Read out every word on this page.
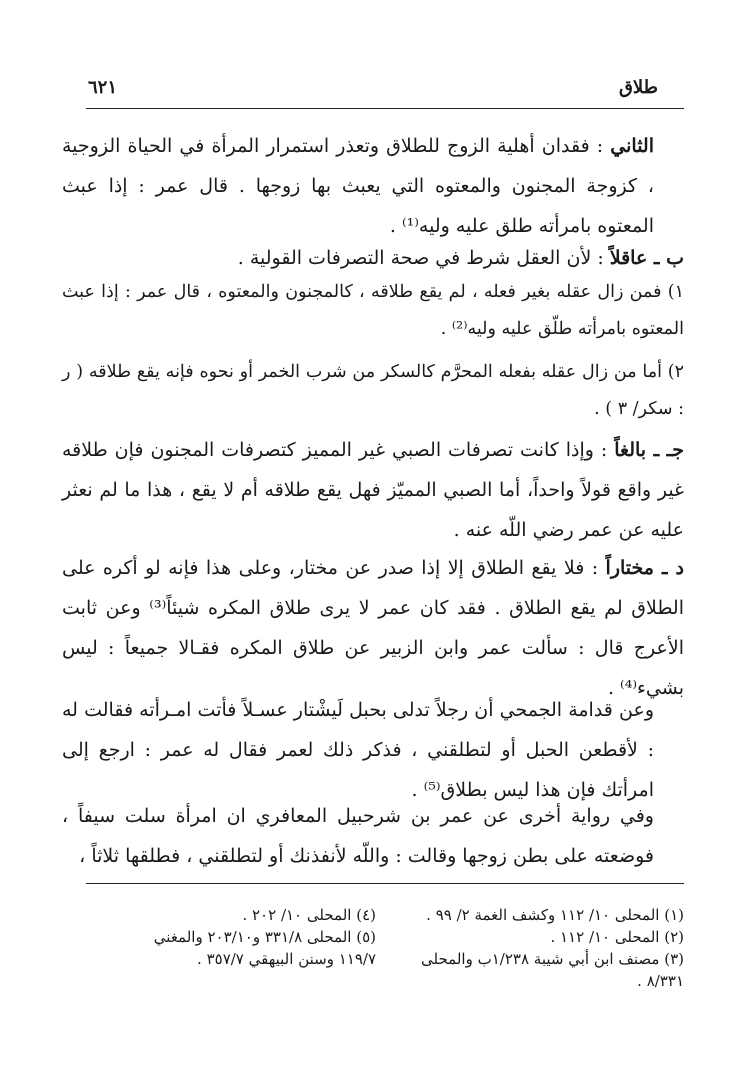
طلاق
٦٢١
الثاني : فقدان أهلية الزوج للطلاق وتعذر استمرار المرأة في الحياة الزوجية ، كزوجة المجنون والمعتوه التي يعبث بها زوجها . قال عمر : إذا عبث المعتوه بامرأته طلق عليه وليه⁽¹⁾ .
ب ـ عاقلاً : لأن العقل شرط في صحة التصرفات القولية .
١) فمن زال عقله بغير فعله ، لم يقع طلاقه ، كالمجنون والمعتوه ، قال عمر : إذا عبث المعتوه بامرأته طلّق عليه وليه⁽²⁾ .
٢) أما من زال عقله بفعله المحرَّم كالسكر من شرب الخمر أو نحوه فإنه يقع طلاقه ( ر : سكر/ ٣ ) .
جـ ـ بالغاً : وإذا كانت تصرفات الصبي غير المميز كتصرفات المجنون فإن طلاقه غير واقع قولاً واحداً، أما الصبي المميّز فهل يقع طلاقه أم لا يقع ، هذا ما لم نعثر عليه عن عمر رضي اللّه عنه .
د ـ مختاراً : فلا يقع الطلاق إلا إذا صدر عن مختار، وعلى هذا فإنه لو أكره على الطلاق لم يقع الطلاق . فقد كان عمر لا يرى طلاق المكره شيئاً⁽³⁾ وعن ثابت الأعرج قال : سألت عمر وابن الزبير عن طلاق المكره فقـالا جميعاً : ليس بشيء⁽⁴⁾ .
وعن قدامة الجمحي أن رجلاً تدلى بحبل لَيشْتار عسـلاً فأتت امـرأته فقالت له : لأقطعن الحبل أو لتطلقني ، فذكر ذلك لعمر فقال له عمر : ارجع إلى امرأتك فإن هذا ليس بطلاق⁽⁵⁾ .
وفي رواية أخرى عن عمر بن شرحبيل المعافري ان امرأة سلت سيفاً ، فوضعته على بطن زوجها وقالت : واللّه لأنفذنك أو لتطلقني ، فطلقها ثلاثاً ،
(١) المحلى ١٠/ ١١٢ وكشف الغمة ٢/ ٩٩ .
(٢) المحلى ١٠/ ١١٢ .
(٣) مصنف ابن أبي شيبة ١/٢٣٨ب والمحلى
٨/٣٣١ .
(٤) المحلى ١٠/ ٢٠٢ .
(٥) المحلى ٣٣١/٨ و٢٠٣/١٠ والمغني
١١٩/٧ وسنن البيهقي ٣٥٧/٧ .
